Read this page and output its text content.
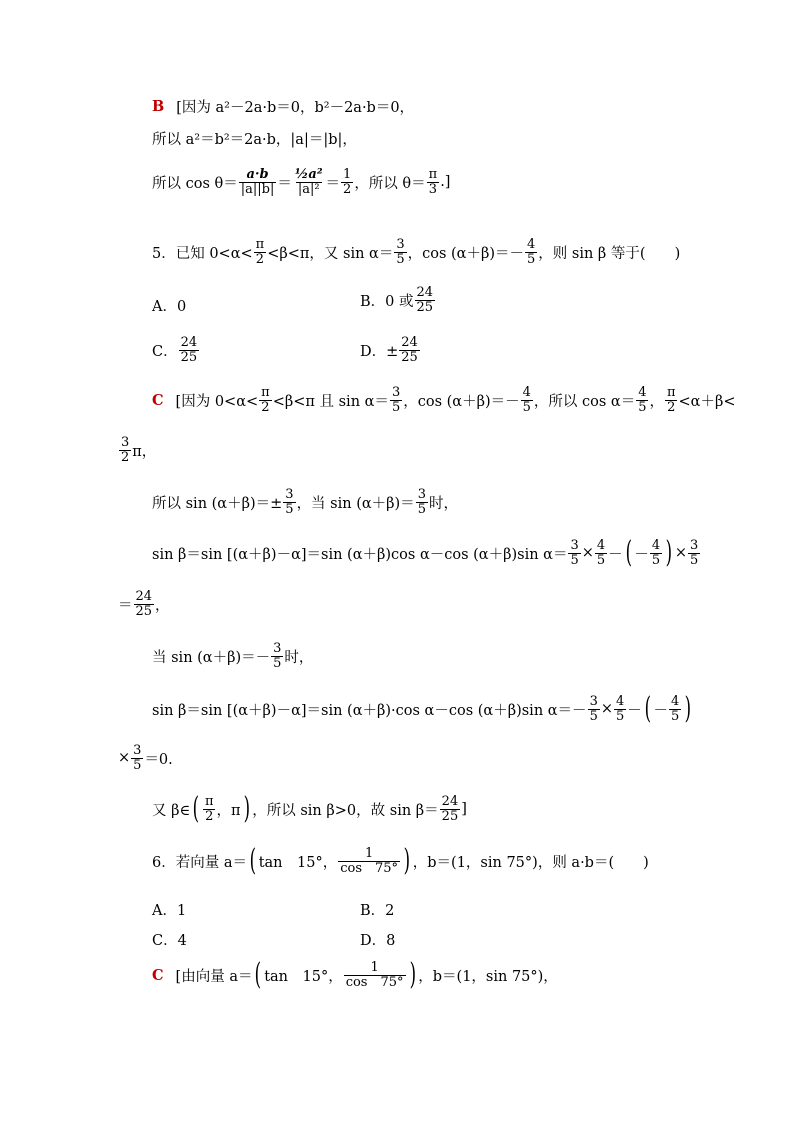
B [因为 a²－2a·b＝0，b²－2a·b＝0，
所以 a²＝b²＝2a·b，|a|＝|b|，
所以 $\cos \theta= \frac{a\cdot b}{|a||b|} = \frac{\text{½a²}}{\text{|a|²}} = \frac{1}{2}$ ，所以 $\theta= \frac{\pi}{3}$ .]
5．已知 $0<\alpha< \frac{\pi}{2} <\beta<\pi$，又 $\sin \alpha= \frac{3}{5}$ ，$\cos (\alpha+\beta)=- \frac{4}{5}$ ，则 sin β 等于(　　)
A．0	B．0 或 $\frac{24}{25}$
C． $\frac{24}{25}$	D．± $\frac{24}{25}$
C [因为 $0<\alpha< \frac{\pi}{2} <\beta<\pi$ 且 $\sin \alpha= \frac{3}{5}$ ，$\cos (\alpha+\beta)=- \frac{4}{5}$ ，所以 $\cos \alpha= \frac{4}{5}$ ， $\frac{\pi}{2} <\alpha+\beta<$
$\frac{3}{2}$ π，
所以 $\sin (\alpha+\beta)=\pm \frac{3}{5}$ ，当 $\sin (\alpha+\beta)= \frac{3}{5}$ 时，
sin β＝sin [(α＋β)－α]＝sin (α＋β)cos α－cos (α＋β)sin $\alpha= \frac{3}{5} \times \frac{4}{5}$ － ( － $\frac{4}{5}$ ) × $\frac{3}{5}$
＝ $\frac{24}{25}$ ，
当 $\sin (\alpha+\beta)=- \frac{3}{5}$ 时，
sin β＝sin [(α＋β)－α]＝sin (α＋β)·cos α－cos (α＋β)sin $\alpha=- \frac{3}{5} \times \frac{4}{5}$ － ( － $\frac{4}{5}$ )
× $\frac{3}{5} =0$.
又 β∈ ( $\frac{\pi}{2}$ ，π ) ，所以 sin β>0，故 $\sin \beta= \frac{24}{25}$ ]
6．若向量 a＝ ( tan　15°， $\frac{1}{\cos 75^\circ}$ ) ，b＝(1，sin 75°)，则 a·b＝(　　)
A．1	B．2
C．4	D．8
C [由向量 a＝ ( tan　15°， $\frac{1}{\cos 75^\circ}$ ) ，b＝(1，sin 75°)，
